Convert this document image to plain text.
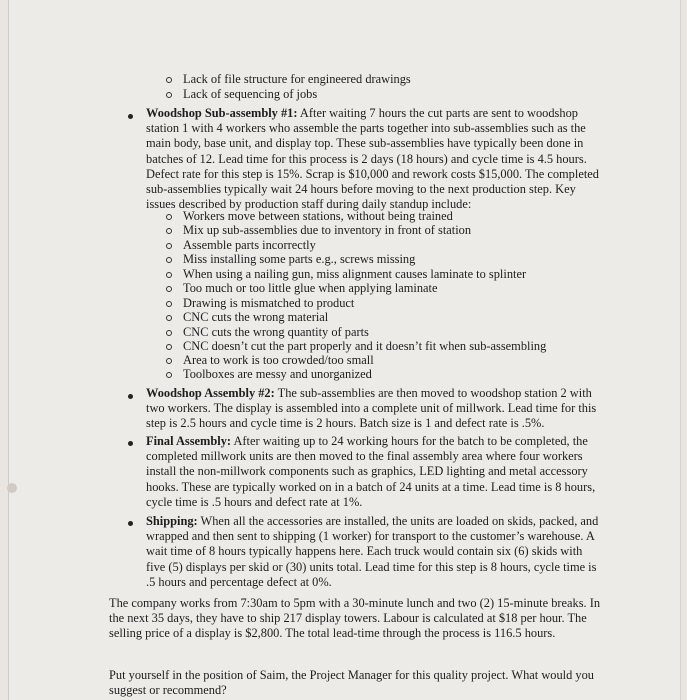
Lack of file structure for engineered drawings
Lack of sequencing of jobs
Woodshop Sub-assembly #1: After waiting 7 hours the cut parts are sent to woodshop station 1 with 4 workers who assemble the parts together into sub-assemblies such as the main body, base unit, and display top. These sub-assemblies have typically been done in batches of 12. Lead time for this process is 2 days (18 hours) and cycle time is 4.5 hours. Defect rate for this step is 15%. Scrap is $10,000 and rework costs $15,000. The completed sub-assemblies typically wait 24 hours before moving to the next production step. Key issues described by production staff during daily standup include:
Workers move between stations, without being trained
Mix up sub-assemblies due to inventory in front of station
Assemble parts incorrectly
Miss installing some parts e.g., screws missing
When using a nailing gun, miss alignment causes laminate to splinter
Too much or too little glue when applying laminate
Drawing is mismatched to product
CNC cuts the wrong material
CNC cuts the wrong quantity of parts
CNC doesn’t cut the part properly and it doesn’t fit when sub-assembling
Area to work is too crowded/too small
Toolboxes are messy and unorganized
Woodshop Assembly #2: The sub-assemblies are then moved to woodshop station 2 with two workers. The display is assembled into a complete unit of millwork. Lead time for this step is 2.5 hours and cycle time is 2 hours. Batch size is 1 and defect rate is .5%.
Final Assembly: After waiting up to 24 working hours for the batch to be completed, the completed millwork units are then moved to the final assembly area where four workers install the non-millwork components such as graphics, LED lighting and metal accessory hooks. These are typically worked on in a batch of 24 units at a time. Lead time is 8 hours, cycle time is .5 hours and defect rate at 1%.
Shipping: When all the accessories are installed, the units are loaded on skids, packed, and wrapped and then sent to shipping (1 worker) for transport to the customer’s warehouse. A wait time of 8 hours typically happens here. Each truck would contain six (6) skids with five (5) displays per skid or (30) units total. Lead time for this step is 8 hours, cycle time is .5 hours and percentage defect at 0%.
The company works from 7:30am to 5pm with a 30-minute lunch and two (2) 15-minute breaks. In the next 35 days, they have to ship 217 display towers. Labour is calculated at $18 per hour. The selling price of a display is $2,800. The total lead-time through the process is 116.5 hours.
Put yourself in the position of Saim, the Project Manager for this quality project. What would you suggest or recommend?
